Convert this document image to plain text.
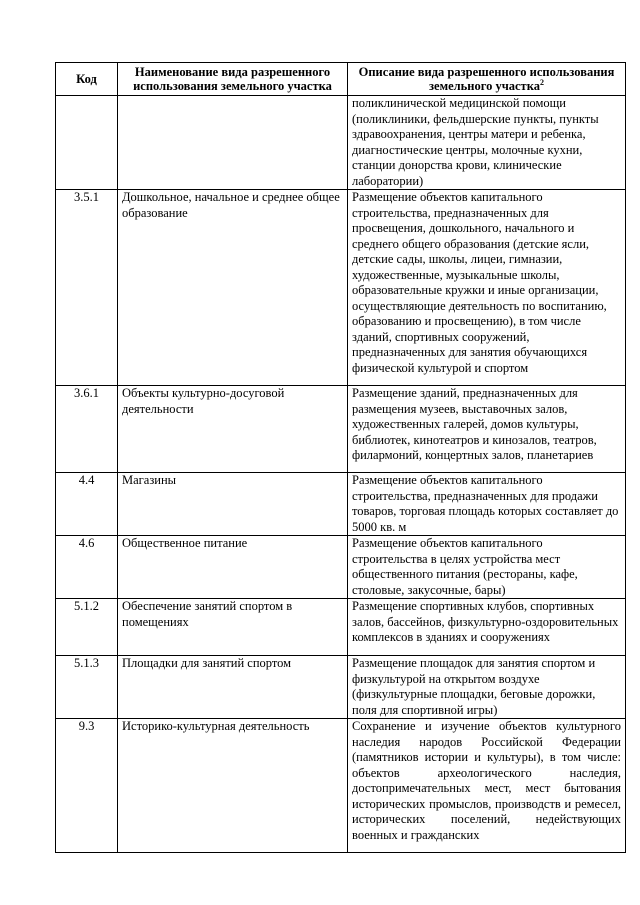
Код	Наименование вида разрешенного использования земельного участка	Описание вида разрешенного использования земельного участка$^2$
		поликлинической медицинской помощи (поликлиники, фельдшерские пункты, пункты здравоохранения, центры матери и ребенка, диагностические центры, молочные кухни, станции донорства крови, клинические лаборатории)
3.5.1	Дошкольное, начальное и среднее общее образование	Размещение объектов капитального строительства, предназначенных для просвещения, дошкольного, начального и среднего общего образования (детские ясли, детские сады, школы, лицеи, гимназии, художественные, музыкальные школы, образовательные кружки и иные организации, осуществляющие деятельность по воспитанию, образованию и просвещению), в том числе зданий, спортивных сооружений, предназначенных для занятия обучающихся физической культурой и спортом
3.6.1	Объекты культурно-досуговой деятельности	Размещение зданий, предназначенных для размещения музеев, выставочных залов, художественных галерей, домов культуры, библиотек, кинотеатров и кинозалов, театров, филармоний, концертных залов, планетариев
4.4	Магазины	Размещение объектов капитального строительства, предназначенных для продажи товаров, торговая площадь которых составляет до 5000 кв. м
4.6	Общественное питание	Размещение объектов капитального строительства в целях устройства мест общественного питания (рестораны, кафе, столовые, закусочные, бары)
5.1.2	Обеспечение занятий спортом в помещениях	Размещение спортивных клубов, спортивных залов, бассейнов, физкультурно-оздоровительных комплексов в зданиях и сооружениях
5.1.3	Площадки для занятий спортом	Размещение площадок для занятия спортом и физкультурой на открытом воздухе (физкультурные площадки, беговые дорожки, поля для спортивной игры)
9.3	Историко-культурная деятельность	Сохранение и изучение объектов культурного наследия народов Российской Федерации (памятников истории и культуры), в том числе: объектов археологического наследия, достопримечательных мест, мест бытования исторических промыслов, производств и ремесел, исторических поселений, недействующих военных и гражданских
